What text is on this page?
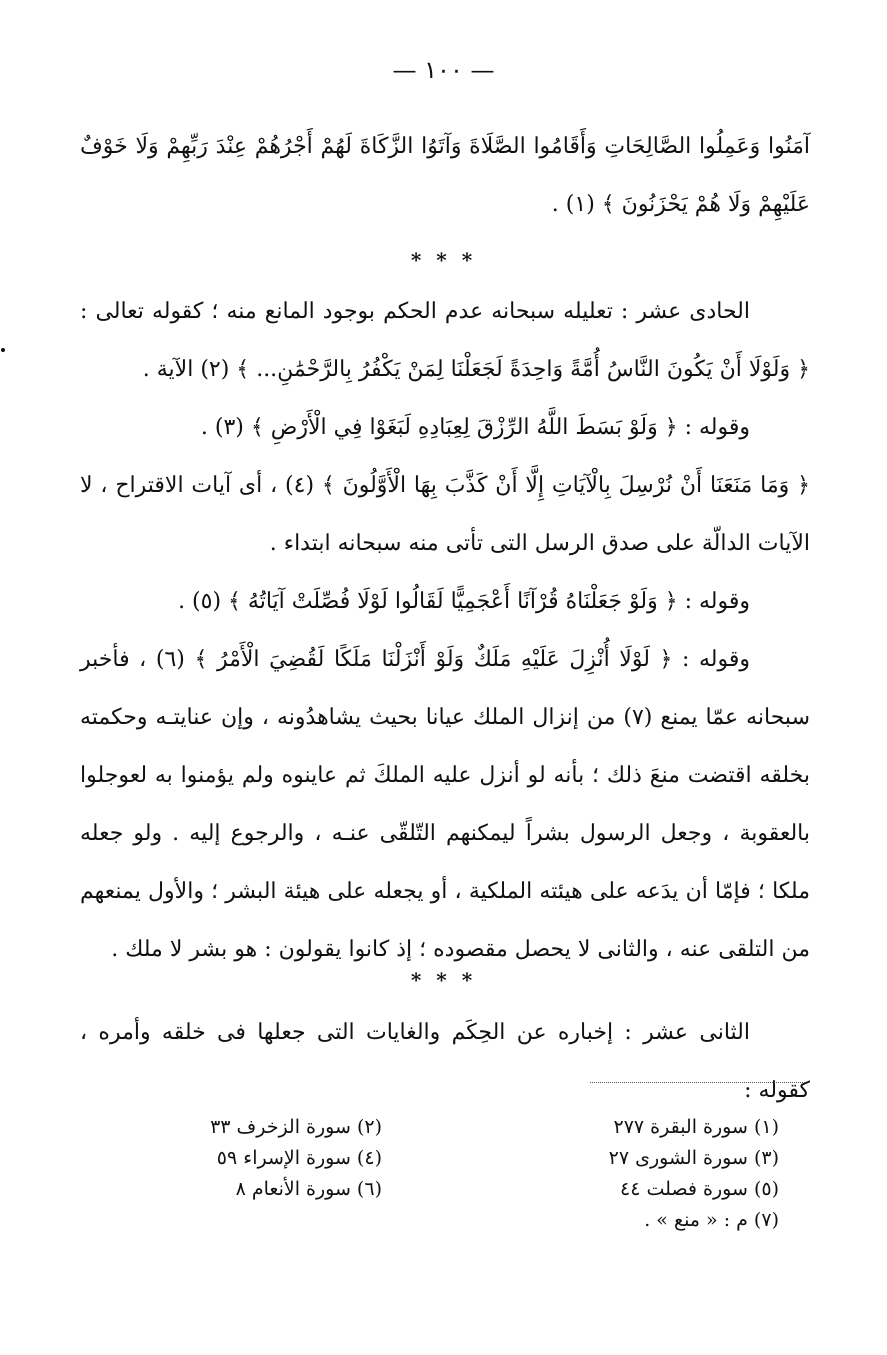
— ١٠٠ —

آمَنُوا وَعَمِلُوا الصَّالِحَاتِ وَأَقَامُوا الصَّلَاةَ وَآتَوُا الزَّكَاةَ لَهُمْ أَجْرُهُمْ عِنْدَ رَبِّهِمْ وَلَا خَوْفٌ عَلَيْهِمْ وَلَا هُمْ يَحْزَنُونَ ﴾ (١) .

* * *

الحادى عشر : تعليله سبحانه عدم الحكم بوجود المانع منه ؛ كقوله تعالى : ﴿ وَلَوْلَا أَنْ يَكُونَ النَّاسُ أُمَّةً وَاحِدَةً لَجَعَلْنَا لِمَنْ يَكْفُرُ بِالرَّحْمَٰنِ... ﴾ (٢) الآية .

وقوله : ﴿ وَلَوْ بَسَطَ اللَّهُ الرِّزْقَ لِعِبَادِهِ لَبَغَوْا فِي الْأَرْضِ ﴾ (٣) .

﴿ وَمَا مَنَعَنَا أَنْ نُرْسِلَ بِالْآيَاتِ إِلَّا أَنْ كَذَّبَ بِهَا الْأَوَّلُونَ ﴾ (٤) ، أى آيات الاقتراح ، لا الآيات الدالّة على صدق الرسل التى تأتى منه سبحانه ابتداء .

وقوله : ﴿ وَلَوْ جَعَلْنَاهُ قُرْآنًا أَعْجَمِيًّا لَقَالُوا لَوْلَا فُصِّلَتْ آيَاتُهُ ﴾ (٥) .

وقوله : ﴿ لَوْلَا أُنْزِلَ عَلَيْهِ مَلَكٌ وَلَوْ أَنْزَلْنَا مَلَكًا لَقُضِيَ الْأَمْرُ ﴾ (٦) ، فأخبر سبحانه عمّا يمنع (٧) من إنزال الملك عيانا بحيث يشاهدُونه ، وإن عنايتـه وحكمته بخلقه اقتضت منعَ ذلك ؛ بأنه لو أنزل عليه الملكَ ثم عاينوه ولم يؤمنوا به لعوجلوا بالعقوبة ، وجعل الرسول بشراً ليمكنهم التّلقّى عنـه ، والرجوع إليه . ولو جعله ملكا ؛ فإمّا أن يدَعه على هيئته الملكية ، أو يجعله على هيئة البشر ؛ والأول يمنعهم من التلقى عنه ، والثانى لا يحصل مقصوده ؛ إذ كانوا يقولون : هو بشر لا ملك .

* * *

الثانى عشر : إخباره عن الحِكَم والغايات التى جعلها فى خلقه وأمره ، كقوله :

(١) سورة البقرة ٢٧٧
(٣) سورة الشورى ٢٧
(٥) سورة فصلت ٤٤
(٧) م : « منع » .
(٢) سورة الزخرف ٣٣
(٤) سورة الإسراء ٥٩
(٦) سورة الأنعام ٨
